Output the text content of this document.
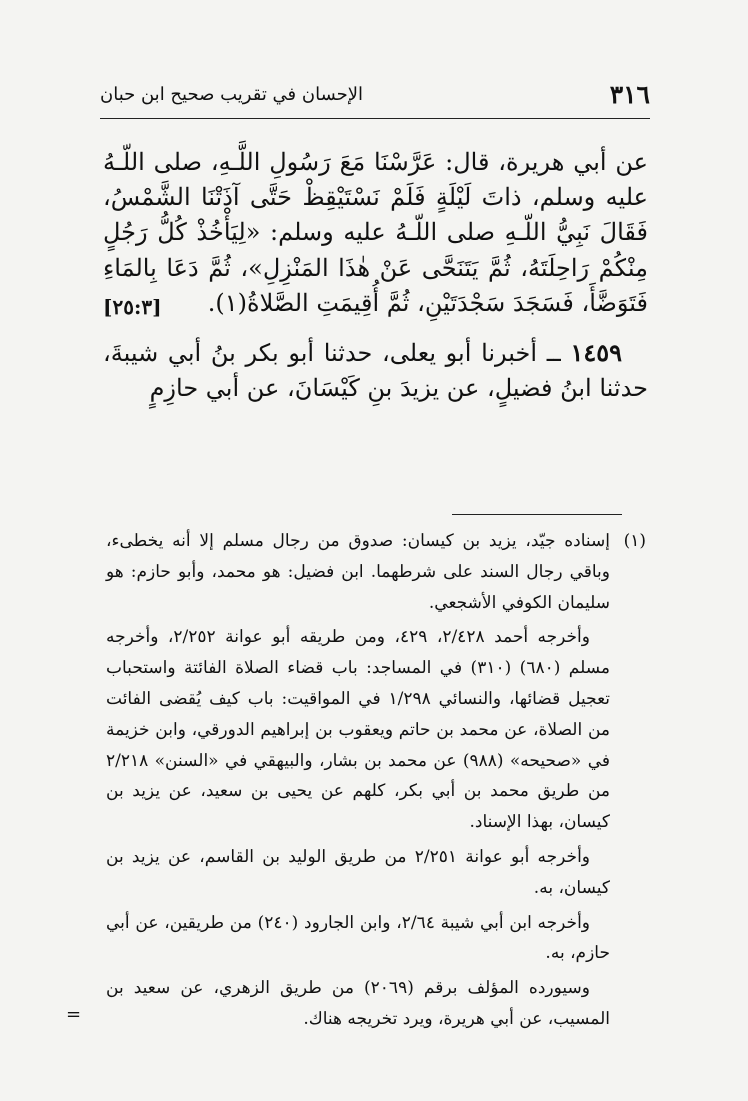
٣١٦
الإحسان في تقريب صحيح ابن حبان

عن أبي هريرة، قال: عَرَّسْنَا مَعَ رَسُولِ اللَّـهِ، صلى اللّـهُ عليه وسلم، ذاتَ لَيْلَةٍ فَلَمْ نَسْتَيْقِظْ حَتَّى آذَتْنَا الشَّمْسُ، فَقَالَ نَبِيُّ اللّـهِ صلى اللّـهُ عليه وسلم: «لِيَأْخُذْ كُلُّ رَجُلٍ مِنْكُمْ رَاحِلَتَهُ، ثُمَّ يَتَنَحَّى عَنْ هٰذَا المَنْزِلِ»، ثُمَّ دَعَا بِالمَاءِ فَتَوَضَّأَ، فَسَجَدَ سَجْدَتَيْنِ، ثُمَّ أُقِيمَتِ الصَّلاةُ(١).
[٢٥:٣]

١٤٥٩ ــ أخبرنا أبو يعلى، حدثنا أبو بكر بنُ أبي شيبةَ، حدثنا ابنُ فضيلٍ، عن يزيدَ بنِ كَيْسَانَ، عن أبي حازِمٍ

(١)
إسناده جيّد، يزيد بن كيسان: صدوق من رجال مسلم إلا أنه يخطىء، وباقي رجال السند على شرطهما. ابن فضيل: هو محمد، وأبو حازم: هو سليمان الكوفي الأشجعي.

وأخرجه أحمد ٢/٤٢٨، ٤٢٩، ومن طريقه أبو عوانة ٢/٢٥٢، وأخرجه مسلم (٦٨٠) (٣١٠) في المساجد: باب قضاء الصلاة الفائتة واستحباب تعجيل قضائها، والنسائي ١/٢٩٨ في المواقيت: باب كيف يُقضى الفائت من الصلاة، عن محمد بن حاتم ويعقوب بن إبراهيم الدورقي، وابن خزيمة في «صحيحه» (٩٨٨) عن محمد بن بشار، والبيهقي في «السنن» ٢/٢١٨ من طريق محمد بن أبي بكر، كلهم عن يحيى بن سعيد، عن يزيد بن كيسان، بهذا الإسناد.

وأخرجه أبو عوانة ٢/٢٥١ من طريق الوليد بن القاسم، عن يزيد بن كيسان، به.

وأخرجه ابن أبي شيبة ٢/٦٤، وابن الجارود (٢٤٠) من طريقين، عن أبي حازم، به.

وسيورده المؤلف برقم (٢٠٦٩) من طريق الزهري، عن سعيد بن المسيب، عن أبي هريرة، ويرد تخريجه هناك.

=
